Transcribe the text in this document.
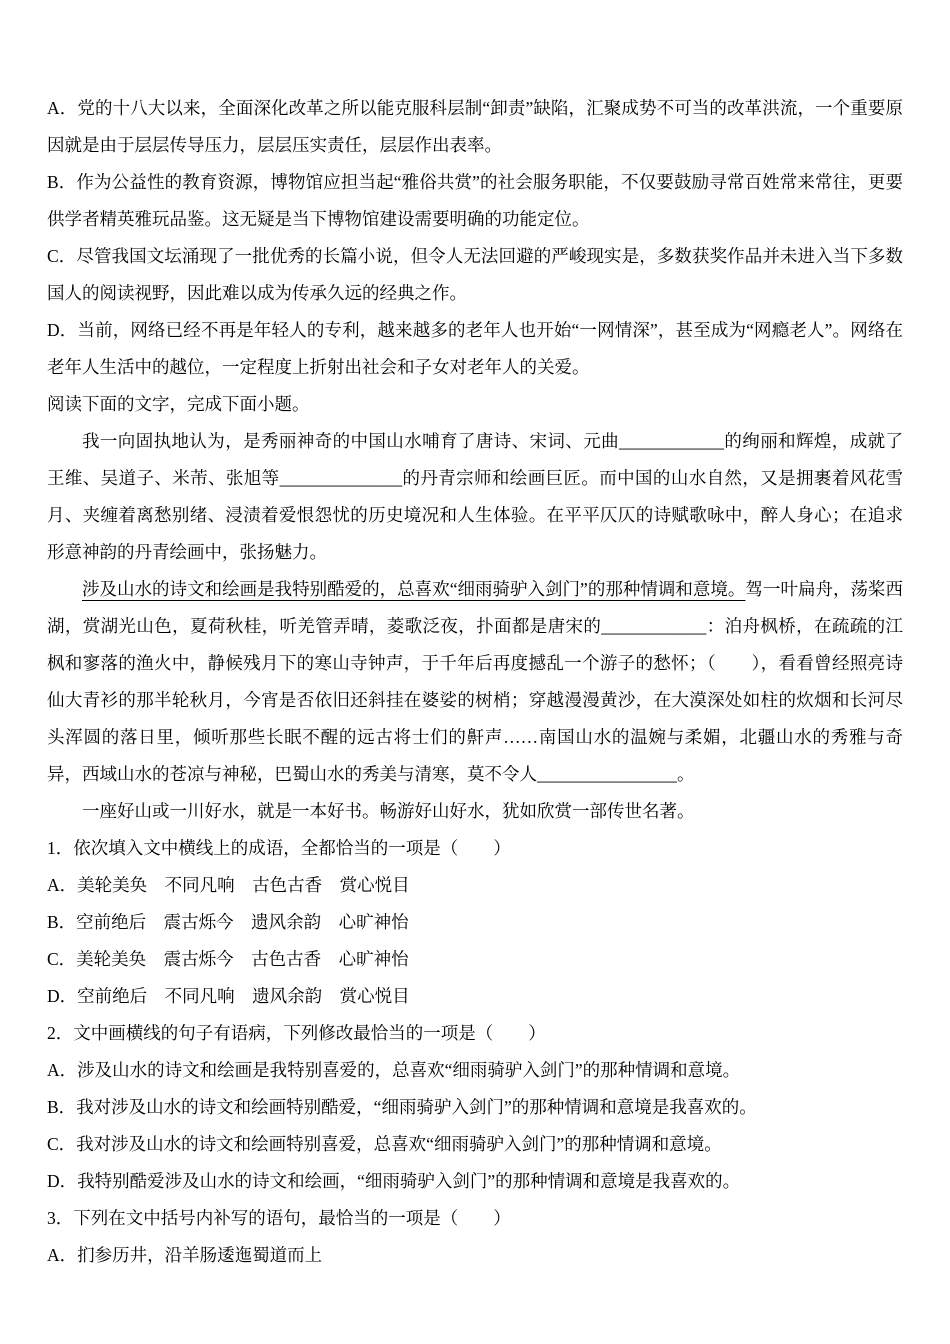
A．党的十八大以来，全面深化改革之所以能克服科层制“卸责”缺陷，汇聚成势不可当的改革洪流，一个重要原因就是由于层层传导压力，层层压实责任，层层作出表率。

B．作为公益性的教育资源，博物馆应担当起“雅俗共赏”的社会服务职能，不仅要鼓励寻常百姓常来常往，更要供学者精英雅玩品鉴。这无疑是当下博物馆建设需要明确的功能定位。

C．尽管我国文坛涌现了一批优秀的长篇小说，但令人无法回避的严峻现实是，多数获奖作品并未进入当下多数国人的阅读视野，因此难以成为传承久远的经典之作。

D．当前，网络已经不再是年轻人的专利，越来越多的老年人也开始“一网情深”，甚至成为“网瘾老人”。网络在老年人生活中的越位，一定程度上折射出社会和子女对老年人的关爱。

阅读下面的文字，完成下面小题。

我一向固执地认为，是秀丽神奇的中国山水哺育了唐诗、宋词、元曲____________的绚丽和辉煌，成就了王维、吴道子、米芾、张旭等______________的丹青宗师和绘画巨匠。而中国的山水自然，又是拥裹着风花雪月、夹缠着离愁别绪、浸渍着爱恨怨忧的历史境况和人生体验。在平平仄仄的诗赋歌咏中，醉人身心；在追求形意神韵的丹青绘画中，张扬魅力。

涉及山水的诗文和绘画是我特别酷爱的，总喜欢“细雨骑驴入剑门”的那种情调和意境。驾一叶扁舟，荡桨西湖，赏湖光山色，夏荷秋桂，听羌管弄晴，菱歌泛夜，扑面都是唐宋的____________：泊舟枫桥，在疏疏的江枫和寥落的渔火中，静候残月下的寒山寺钟声，于千年后再度撼乱一个游子的愁怀；（　　），看看曾经照亮诗仙大青衫的那半轮秋月，今宵是否依旧还斜挂在婆娑的树梢；穿越漫漫黄沙，在大漠深处如柱的炊烟和长河尽头浑圆的落日里，倾听那些长眠不醒的远古将士们的鼾声……南国山水的温婉与柔媚，北疆山水的秀雅与奇异，西域山水的苍凉与神秘，巴蜀山水的秀美与清寒，莫不令人________________。

一座好山或一川好水，就是一本好书。畅游好山好水，犹如欣赏一部传世名著。

1．依次填入文中横线上的成语，全都恰当的一项是（　　）

A．美轮美奂　不同凡响　古色古香　赏心悦目

B．空前绝后　震古烁今　遗风余韵　心旷神怡

C．美轮美奂　震古烁今　古色古香　心旷神怡

D．空前绝后　不同凡响　遗风余韵　赏心悦目

2．文中画横线的句子有语病，下列修改最恰当的一项是（　　）

A．涉及山水的诗文和绘画是我特别喜爱的，总喜欢“细雨骑驴入剑门”的那种情调和意境。

B．我对涉及山水的诗文和绘画特别酷爱，“细雨骑驴入剑门”的那种情调和意境是我喜欢的。

C．我对涉及山水的诗文和绘画特别喜爱，总喜欢“细雨骑驴入剑门”的那种情调和意境。

D．我特别酷爱涉及山水的诗文和绘画，“细雨骑驴入剑门”的那种情调和意境是我喜欢的。

3．下列在文中括号内补写的语句，最恰当的一项是（　　）

A．扪参历井，沿羊肠逶迤蜀道而上
